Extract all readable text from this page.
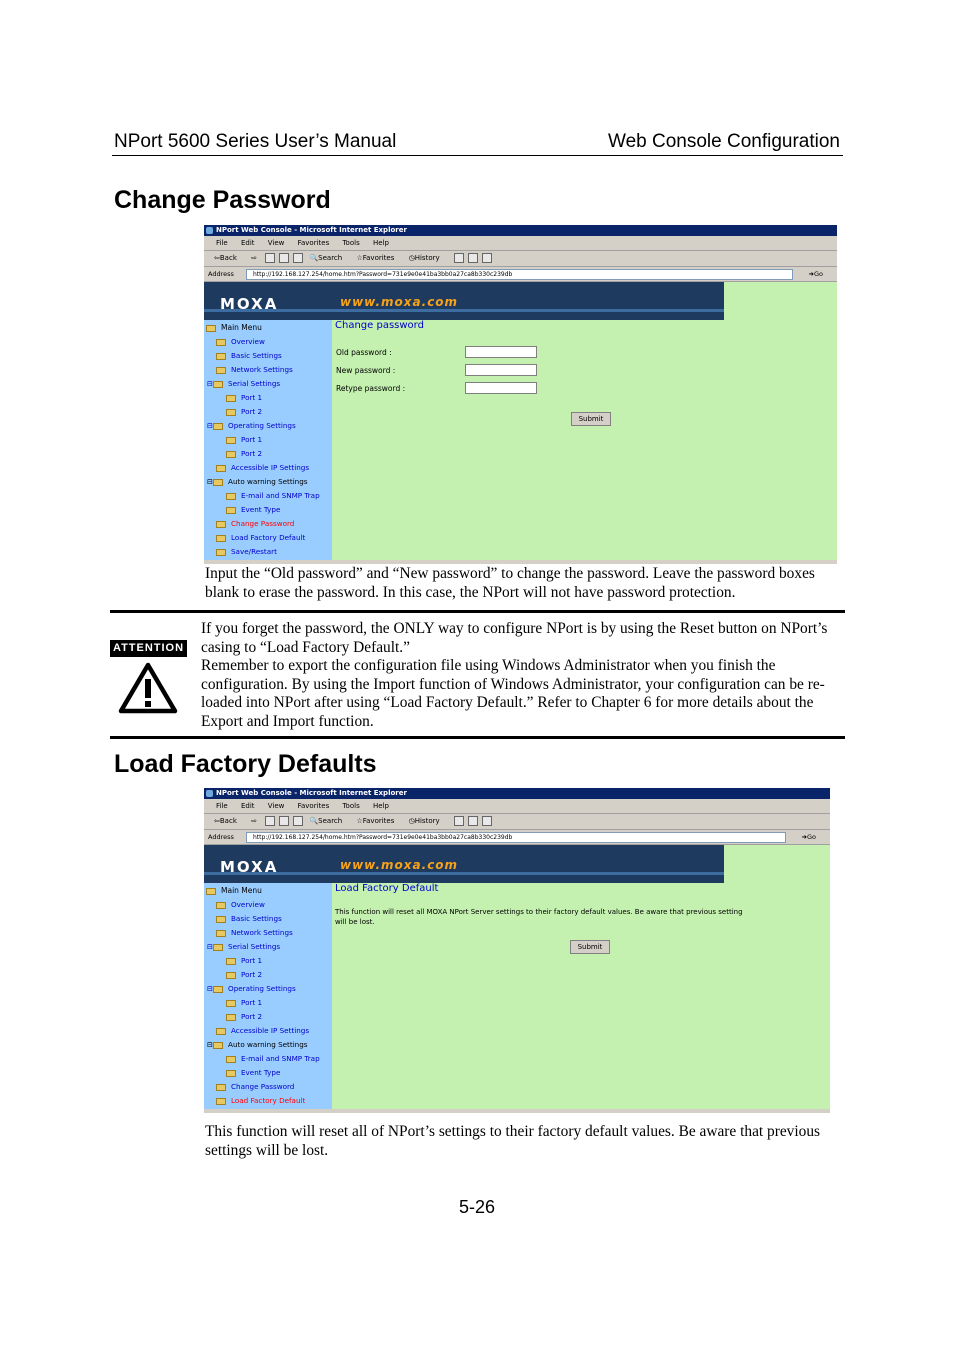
NPort 5600 Series User’s Manual	Web Console Configuration
Change Password
NPort Web Console - Microsoft Internet Explorer
File Edit View Favorites Tools Help
⇦Back ⇨	🔍Search ☆Favorites ◷History
Address	http://192.168.127.254/home.htm?Password=731e9e0e41ba3bb0a27ca8b330c239db	➜Go
MOXA	www.moxa.com
Main Menu
Overview
Basic Settings
Network Settings
⊟ Serial Settings
Port 1
Port 2
⊟ Operating Settings
Port 1
Port 2
Accessible IP Settings
⊟ Auto warning Settings
E-mail and SNMP Trap
Event Type
Change Password
Load Factory Default
Save/Restart
Change password
Old password :
New password :
Retype password :
Submit
Input the “Old password” and “New password” to change the password. Leave the password boxes blank to erase the password. In this case, the NPort will not have password protection.
ATTENTION

If you forget the password, the ONLY way to configure NPort is by using the Reset button on NPort’s casing to “Load Factory Default.”

Remember to export the configuration file using Windows Administrator when you finish the configuration. By using the Import function of Windows Administrator, your configuration can be re-loaded into NPort after using “Load Factory Default.” Refer to Chapter 6 for more details about the Export and Import function.

Load Factory Defaults
NPort Web Console - Microsoft Internet Explorer
File Edit View Favorites Tools Help
⇦Back ⇨	🔍Search ☆Favorites ◷History
Address	http://192.168.127.254/home.htm?Password=731e9e0e41ba3bb0a27ca8b330c239db	➜Go
MOXA	www.moxa.com
Main Menu
Overview
Basic Settings
Network Settings
⊟ Serial Settings
Port 1
Port 2
⊟ Operating Settings
Port 1
Port 2
Accessible IP Settings
⊟ Auto warning Settings
E-mail and SNMP Trap
Event Type
Change Password
Load Factory Default
Load Factory Default
This function will reset all MOXA NPort Server settings to their factory default values. Be aware that previous setting
will be lost.
Submit
This function will reset all of NPort’s settings to their factory default values. Be aware that previous settings will be lost.
5-26
